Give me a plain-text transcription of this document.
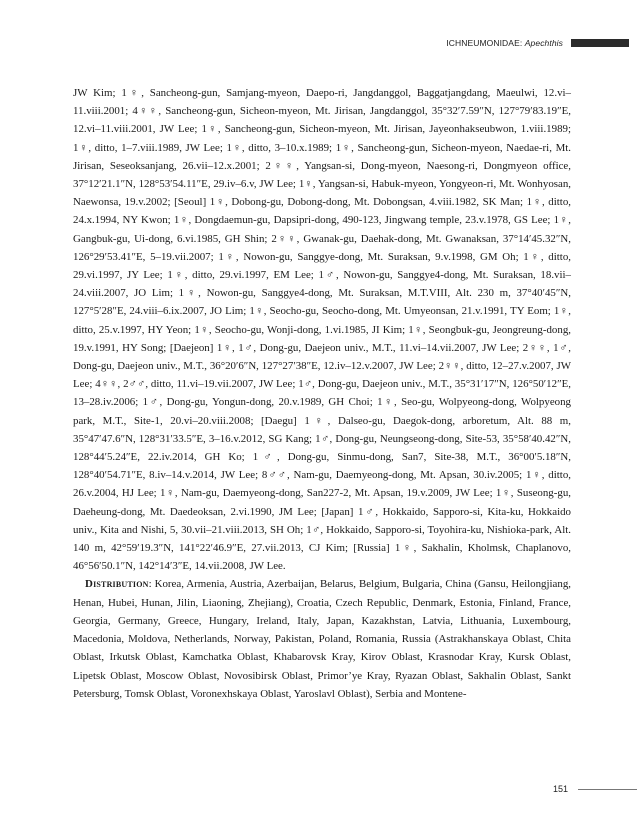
ICHNEUMONIDAE: Apechthis

JW Kim; 1♀, Sancheong-gun, Samjang-myeon, Daepo-ri, Jangdanggol, Baggatjangdang, Maeulwi, 12.vi–11.viii.2001; 4♀♀, Sancheong-gun, Sicheon-myeon, Mt. Jirisan, Jangdanggol, 35°32′7.59″N, 127°79′83.19″E, 12.vi–11.viii.2001, JW Lee; 1♀, Sancheong-gun, Sicheon-myeon, Mt. Jirisan, Jayeonhakseubwon, 1.viii.1989; 1♀, ditto, 1–7.viii.1989, JW Lee; 1♀, ditto, 3–10.x.1989; 1♀, Sancheong-gun, Sicheon-myeon, Naedae-ri, Mt. Jirisan, Seseoksanjang, 26.vii–12.x.2001; 2♀♀, Yangsan-si, Dong-myeon, Naesong-ri, Dongmyeon office, 37°12′21.1″N, 128°53′54.11″E, 29.iv–6.v, JW Lee; 1♀, Yangsan-si, Habuk-myeon, Yongyeon-ri, Mt. Wonhyosan, Naewonsa, 19.v.2002; [Seoul] 1♀, Dobong-gu, Dobong-dong, Mt. Dobongsan, 4.viii.1982, SK Man; 1♀, ditto, 24.x.1994, NY Kwon; 1♀, Dongdaemun-gu, Dapsipri-dong, 490-123, Jingwang temple, 23.v.1978, GS Lee; 1♀, Gangbuk-gu, Ui-dong, 6.vi.1985, GH Shin; 2♀♀, Gwanak-gu, Daehak-dong, Mt. Gwanaksan, 37°14′45.32″N, 126°29′53.41″E, 5–19.vii.2007; 1♀, Nowon-gu, Sanggye-dong, Mt. Suraksan, 9.v.1998, GM Oh; 1♀, ditto, 29.vi.1997, JY Lee; 1♀, ditto, 29.vi.1997, EM Lee; 1♂, Nowon-gu, Sanggye4-dong, Mt. Suraksan, 18.vii–24.viii.2007, JO Lim; 1♀, Nowon-gu, Sanggye4-dong, Mt. Suraksan, M.T.VIII, Alt. 230 m, 37°40′45″N, 127°5′28″E, 24.viii–6.ix.2007, JO Lim; 1♀, Seocho-gu, Seocho-dong, Mt. Umyeonsan, 21.v.1991, TY Eom; 1♀, ditto, 25.v.1997, HY Yeon; 1♀, Seocho-gu, Wonji-dong, 1.vi.1985, JI Kim; 1♀, Seongbuk-gu, Jeongreung-dong, 19.v.1991, HY Song; [Daejeon] 1♀, 1♂, Dong-gu, Daejeon univ., M.T., 11.vi–14.vii.2007, JW Lee; 2♀♀, 1♂, Dong-gu, Daejeon univ., M.T., 36°20′6″N, 127°27′38″E, 12.iv–12.v.2007, JW Lee; 2♀♀, ditto, 12–27.v.2007, JW Lee; 4♀♀, 2♂♂, ditto, 11.vi–19.vii.2007, JW Lee; 1♂, Dong-gu, Daejeon univ., M.T., 35°31′17″N, 126°50′12″E, 13–28.iv.2006; 1♂, Dong-gu, Yongun-dong, 20.v.1989, GH Choi; 1♀, Seo-gu, Wolpyeong-dong, Wolpyeong park, M.T., Site-1, 20.vi–20.viii.2008; [Daegu] 1♀, Dalseo-gu, Daegok-dong, arboretum, Alt. 88 m, 35°47′47.6″N, 128°31′33.5″E, 3–16.v.2012, SG Kang; 1♂, Dong-gu, Neungseong-dong, Site-53, 35°58′40.42″N, 128°44′5.24″E, 22.iv.2014, GH Ko; 1♂, Dong-gu, Sinmu-dong, San7, Site-38, M.T., 36°00′5.18″N, 128°40′54.71″E, 8.iv–14.v.2014, JW Lee; 8♂♂, Nam-gu, Daemyeong-dong, Mt. Apsan, 30.iv.2005; 1♀, ditto, 26.v.2004, HJ Lee; 1♀, Nam-gu, Daemyeong-dong, San227-2, Mt. Apsan, 19.v.2009, JW Lee; 1♀, Suseong-gu, Daeheung-dong, Mt. Daedeoksan, 2.vi.1990, JM Lee; [Japan] 1♂, Hokkaido, Sapporo-si, Kita-ku, Hokkaido univ., Kita and Nishi, 5, 30.vii–21.viii.2013, SH Oh; 1♂, Hokkaido, Sapporo-si, Toyohira-ku, Nishioka-park, Alt. 140 m, 42°59′19.3″N, 141°22′46.9″E, 27.vii.2013, CJ Kim; [Russia] 1♀, Sakhalin, Kholmsk, Chaplanovo, 46°56′50.1″N, 142°14′3″E, 14.vii.2008, JW Lee.

Distribution: Korea, Armenia, Austria, Azerbaijan, Belarus, Belgium, Bulgaria, China (Gansu, Heilongjiang, Henan, Hubei, Hunan, Jilin, Liaoning, Zhejiang), Croatia, Czech Republic, Denmark, Estonia, Finland, France, Georgia, Germany, Greece, Hungary, Ireland, Italy, Japan, Kazakhstan, Latvia, Lithuania, Luxembourg, Macedonia, Moldova, Netherlands, Norway, Pakistan, Poland, Romania, Russia (Astrakhanskaya Oblast, Chita Oblast, Irkutsk Oblast, Kamchatka Oblast, Khabarovsk Kray, Kirov Oblast, Krasnodar Kray, Kursk Oblast, Lipetsk Oblast, Moscow Oblast, Novosibirsk Oblast, Primor’ye Kray, Ryazan Oblast, Sakhalin Oblast, Sankt Petersburg, Tomsk Oblast, Voronexhskaya Oblast, Yaroslavl Oblast), Serbia and Montene-

151
